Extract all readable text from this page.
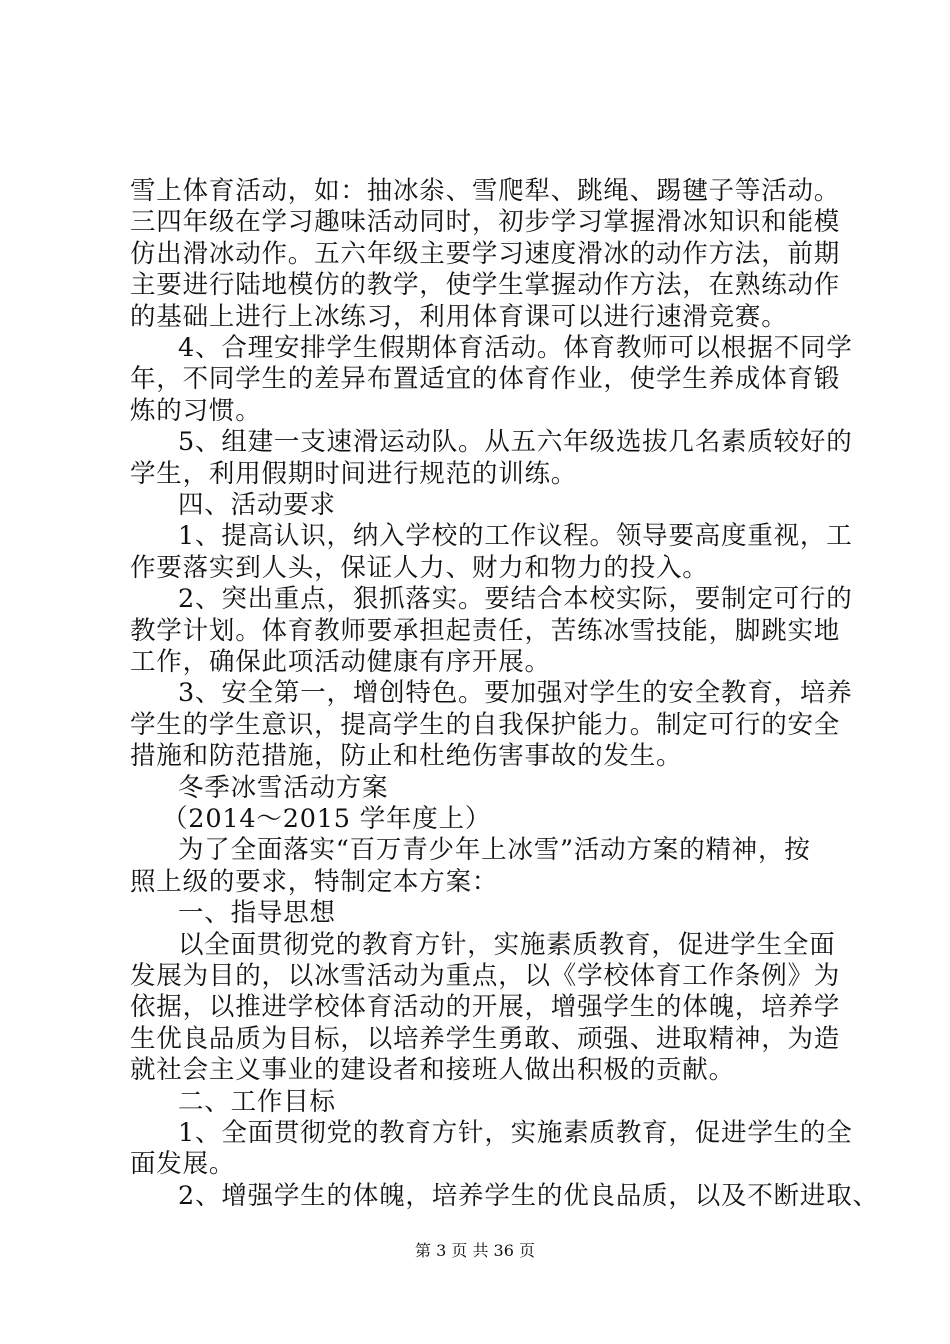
雪上体育活动，如：抽冰尜、雪爬犁、跳绳、踢毽子等活动。
三四年级在学习趣味活动同时，初步学习掌握滑冰知识和能模
仿出滑冰动作。五六年级主要学习速度滑冰的动作方法，前期
主要进行陆地模仿的教学，使学生掌握动作方法，在熟练动作
的基础上进行上冰练习，利用体育课可以进行速滑竞赛。
4、合理安排学生假期体育活动。体育教师可以根据不同学
年，不同学生的差异布置适宜的体育作业，使学生养成体育锻
炼的习惯。
5、组建一支速滑运动队。从五六年级选拔几名素质较好的
学生，利用假期时间进行规范的训练。
四、活动要求
1、提高认识，纳入学校的工作议程。领导要高度重视，工
作要落实到人头，保证人力、财力和物力的投入。
2、突出重点，狠抓落实。要结合本校实际，要制定可行的
教学计划。体育教师要承担起责任，苦练冰雪技能，脚跳实地
工作，确保此项活动健康有序开展。
3、安全第一，增创特色。要加强对学生的安全教育，培养
学生的学生意识，提高学生的自我保护能力。制定可行的安全
措施和防范措施，防止和杜绝伤害事故的发生。
冬季冰雪活动方案
（2014～2015 学年度上）
为了全面落实“百万青少年上冰雪”活动方案的精神，按
照上级的要求，特制定本方案：
一、指导思想
以全面贯彻党的教育方针，实施素质教育，促进学生全面
发展为目的，以冰雪活动为重点，以《学校体育工作条例》为
依据，以推进学校体育活动的开展，增强学生的体魄，培养学
生优良品质为目标，以培养学生勇敢、顽强、进取精神，为造
就社会主义事业的建设者和接班人做出积极的贡献。
二、工作目标
1、全面贯彻党的教育方针，实施素质教育，促进学生的全
面发展。
2、增强学生的体魄，培养学生的优良品质，以及不断进取、
第 3 页 共 36 页
